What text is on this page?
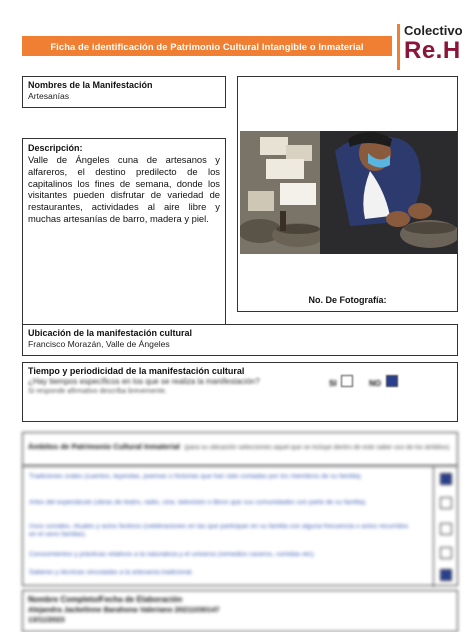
Ficha de identificación de Patrimonio Cultural Intangible o Inmaterial
Colectivo
Re.H
Nombres de la Manifestación
Artesanías
Descripción:
Valle de Ángeles cuna de artesanos y alfareros, el destino predilecto de los capitalinos los fines de semana, donde los visitantes pueden disfrutar de variedad de restaurantes, actividades al aire libre y muchas artesanías de barro, madera y piel.
No. De Fotografía:
Ubicación de la manifestación cultural
Francisco Morazán, Valle de Ángeles
Tiempo y periodicidad de la manifestación cultural
¿Hay tiempos específicos en los que se realiza la manifestación?
Si responde afirmativo describa brevemente.
SI	NO
Ámbitos de Patrimonio Cultural Inmaterial (para su ubicación selecciones aquel que se incluye dentro de este saber uso de los ámbitos)
Tradiciones orales (cuentos, leyendas, poemas o historias que han sido contadas por los miembros de su familia).
Artes del espectáculo (obras de teatro, radio, cine, televisión o libros que sus comunidades son parte de su familia).
Usos sociales, rituales y actos festivos (celebraciones en las que participan en su familia con alguna frecuencia o actos recurridos en el seno familiar).
Conocimientos y prácticas relativos a la naturaleza y el universo (remedios caseros, comidas etc).
Saberes y técnicas vinculadas a la artesanía tradicional.
Nombre Completo/Fecha de Elaboración
Alejandra Jackelinne Barahona Valeriano 20211030147
13/11/2023
